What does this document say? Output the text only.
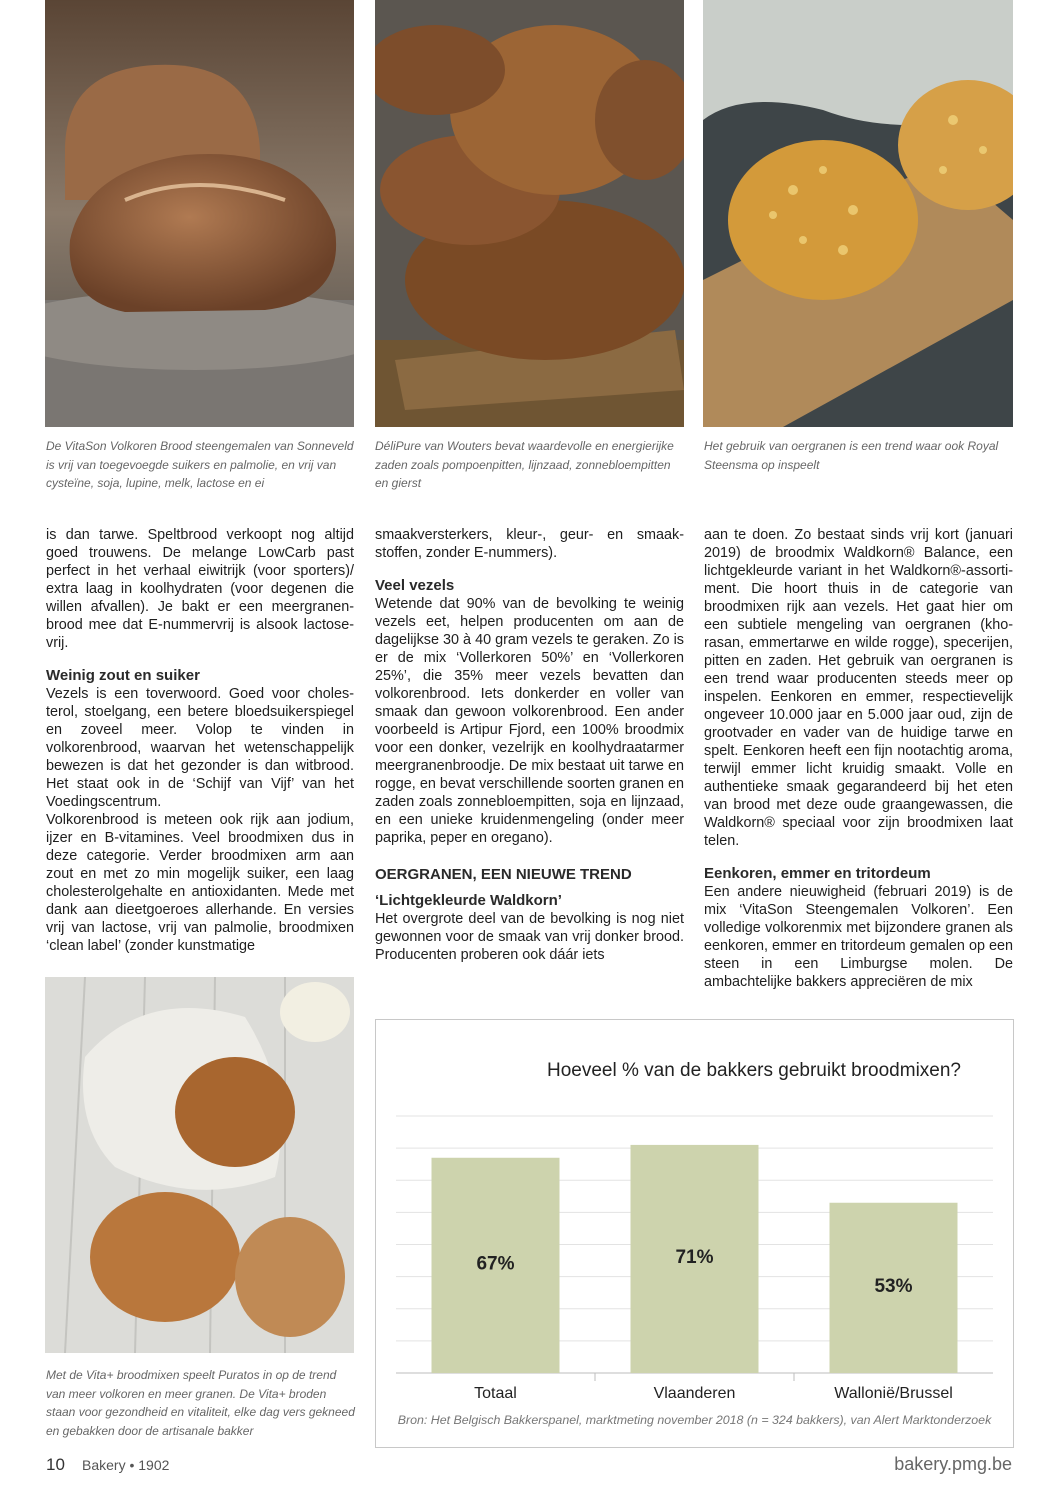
De VitaSon Volkoren Brood steengemalen van Sonneveld is vrij van toegevoegde suikers en palmolie, en vrij van cysteïne, soja, lupine, melk, lactose en ei
DéliPure van Wouters bevat waardevolle en energierijke zaden zoals pompoenpitten, lijnzaad, zonnebloempitten en gierst
Het gebruik van oergranen is een trend waar ook Royal Steensma op inspeelt

is dan tarwe. Speltbrood verkoopt nog altijd goed trouwens. De melange LowCarb past perfect in het verhaal eiwitrijk (voor sporters)/ extra laag in koolhydraten (voor degenen die willen afvallen). Je bakt er een meergranenbrood mee dat E-nummervrij is alsook lactosevrij.

Weinig zout en suiker

Vezels is een toverwoord. Goed voor cholesterol, stoelgang, een betere bloedsuikerspiegel en zoveel meer. Volop te vinden in volkorenbrood, waarvan het wetenschappelijk bewezen is dat het gezonder is dan witbrood. Het staat ook in de ‘Schijf van Vijf’ van het Voedingscentrum.

Volkorenbrood is meteen ook rijk aan jodium, ijzer en B-vitamines. Veel broodmixen dus in deze categorie. Verder broodmixen arm aan zout en met zo min mogelijk suiker, een laag cholesterolgehalte en antioxidanten. Mede met dank aan dieetgoeroes allerhande. En versies vrij van lactose, vrij van palmolie, broodmixen ‘clean label’ (zonder kunstmatige

Met de Vita+ broodmixen speelt Puratos in op de trend van meer volkoren en meer granen. De Vita+ broden staan voor gezondheid en vitaliteit, elke dag vers gekneed en gebakken door de artisanale bakker

smaakversterkers, kleur-, geur- en smaakstoffen, zonder E-nummers).

Veel vezels

Wetende dat 90% van de bevolking te weinig vezels eet, helpen producenten om aan de dagelijkse 30 à 40 gram vezels te geraken. Zo is er de mix ‘Vollerkoren 50%’ en ‘Vollerkoren 25%’, die 35% meer vezels bevatten dan volkorenbrood. Iets donkerder en voller van smaak dan gewoon volkorenbrood. Een ander voorbeeld is Artipur Fjord, een 100% broodmix voor een donker, vezelrijk en koolhydraatarmer meergranenbroodje. De mix bestaat uit tarwe en rogge, en bevat verschillende soorten granen en zaden zoals zonnebloempitten, soja en lijnzaad, en een unieke kruidenmengeling (onder meer paprika, peper en oregano).

OERGRANEN, EEN NIEUWE TREND
‘Lichtgekleurde Waldkorn’

Het overgrote deel van de bevolking is nog niet gewonnen voor de smaak van vrij donker brood. Producenten proberen ook dáár iets

aan te doen. Zo bestaat sinds vrij kort (januari 2019) de broodmix Waldkorn® Balance, een lichtgekleurde variant in het Waldkorn®-assortiment. Die hoort thuis in de categorie van broodmixen rijk aan vezels. Het gaat hier om een subtiele mengeling van oergranen (khorasan, emmertarwe en wilde rogge), specerijen, pitten en zaden. Het gebruik van oergranen is een trend waar producenten steeds meer op inspelen. Eenkoren en emmer, respectievelijk ongeveer 10.000 jaar en 5.000 jaar oud, zijn de grootvader en vader van de huidige tarwe en spelt. Eenkoren heeft een fijn nootachtig aroma, terwijl emmer licht kruidig smaakt. Volle en authentieke smaak gegarandeerd bij het eten van brood met deze oude graangewassen, die Waldkorn® speciaal voor zijn broodmixen laat telen.

Eenkoren, emmer en tritordeum

Een andere nieuwigheid (februari 2019) is de mix ‘VitaSon Steengemalen Volkoren’. Een volledige volkorenmix met bijzondere granen als eenkoren, emmer en tritordeum gemalen op een steen in een Limburgse molen. De ambachtelijke bakkers appreciëren de mix

Hoeveel % van de bakkers gebruikt broodmixen?
67%
Totaal
71%
Vlaanderen
53%
Wallonië/Brussel
Bron: Het Belgisch Bakkerspanel, marktmeting november 2018 (n = 324 bakkers), van Alert Marktonderzoek
10 Bakery • 1902	bakery.pmg.be
